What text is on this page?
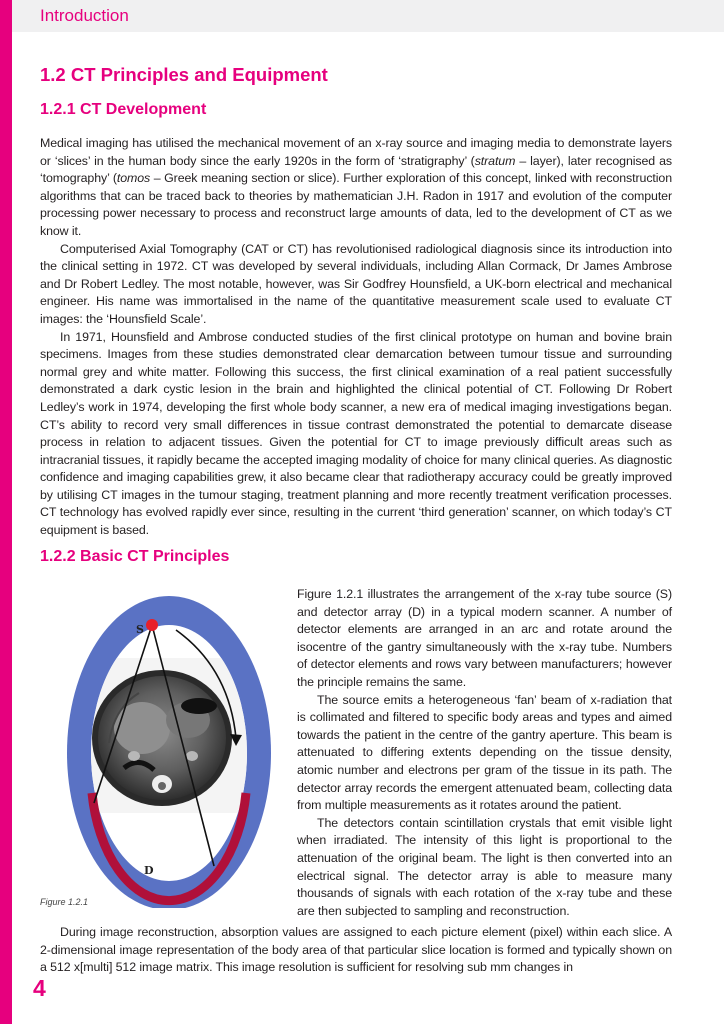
Introduction
1.2 CT Principles and Equipment
1.2.1 CT Development

Medical imaging has utilised the mechanical movement of an x-ray source and imaging media to demonstrate layers or ‘slices’ in the human body since the early 1920s in the form of ‘stratigraphy’ (stratum – layer), later recognised as ‘tomography’ (tomos – Greek meaning section or slice). Further exploration of this concept, linked with reconstruction algorithms that can be traced back to theories by mathematician J.H. Radon in 1917 and evolution of the computer processing power necessary to process and reconstruct large amounts of data, led to the development of CT as we know it.

Computerised Axial Tomography (CAT or CT) has revolutionised radiological diagnosis since its introduction into the clinical setting in 1972. CT was developed by several individuals, including Allan Cormack, Dr James Ambrose and Dr Robert Ledley. The most notable, however, was Sir Godfrey Hounsfield, a UK-born electrical and mechanical engineer. His name was immortalised in the name of the quantitative measurement scale used to evaluate CT images: the ‘Hounsfield Scale’.

In 1971, Hounsfield and Ambrose conducted studies of the first clinical prototype on human and bovine brain specimens. Images from these studies demonstrated clear demarcation between tumour tissue and surrounding normal grey and white matter. Following this success, the first clinical examination of a real patient successfully demonstrated a dark cystic lesion in the brain and highlighted the clinical potential of CT. Following Dr Robert Ledley’s work in 1974, developing the first whole body scanner, a new era of medical imaging investigations began. CT’s ability to record very small differences in tissue contrast demonstrated the potential to demarcate disease process in relation to adjacent tissues. Given the potential for CT to image previously difficult areas such as intracranial tissues, it rapidly became the accepted imaging modality of choice for many clinical queries. As diagnostic confidence and imaging capabilities grew, it also became clear that radiotherapy accuracy could be greatly improved by utilising CT images in the tumour staging, treatment planning and more recently treatment verification processes. CT technology has evolved rapidly ever since, resulting in the current ‘third generation’ scanner, on which today’s CT equipment is based.

1.2.2 Basic CT Principles
S
D
Figure 1.2.1

Figure 1.2.1 illustrates the arrangement of the x-ray tube source (S) and detector array (D) in a typical modern scanner. A number of detector elements are arranged in an arc and rotate around the isocentre of the gantry simultaneously with the x-ray tube. Numbers of detector elements and rows vary between manufacturers; however the principle remains the same.

The source emits a heterogeneous ‘fan’ beam of x-radiation that is collimated and filtered to specific body areas and types and aimed towards the patient in the centre of the gantry aperture. This beam is attenuated to differing extents depending on the tissue density, atomic number and electrons per gram of the tissue in its path. The detector array records the emergent attenuated beam, collecting data from multiple measurements as it rotates around the patient.

The detectors contain scintillation crystals that emit visible light when irradiated. The intensity of this light is proportional to the attenuation of the original beam. The light is then converted into an electrical signal. The detector array is able to measure many thousands of signals with each rotation of the x-ray tube and these are then subjected to sampling and reconstruction.

During image reconstruction, absorption values are assigned to each picture element (pixel) within each slice. A 2-dimensional image representation of the body area of that particular slice location is formed and typically shown on a 512 x[multi] 512 image matrix. This image resolution is sufficient for resolving sub mm changes in

4
